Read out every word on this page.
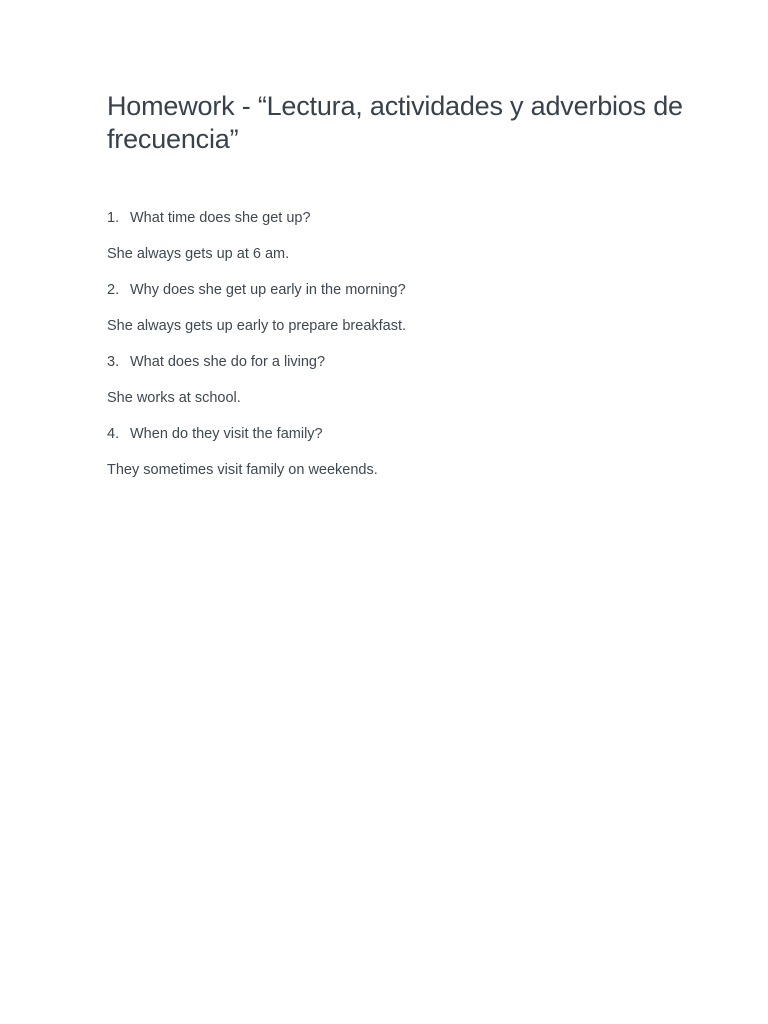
Homework - “Lectura, actividades y adverbios de frecuencia”
1. What time does she get up?
She always gets up at 6 am.
2. Why does she get up early in the morning?
She always gets up early to prepare breakfast.
3. What does she do for a living?
She works at school.
4. When do they visit the family?
They sometimes visit family on weekends.
